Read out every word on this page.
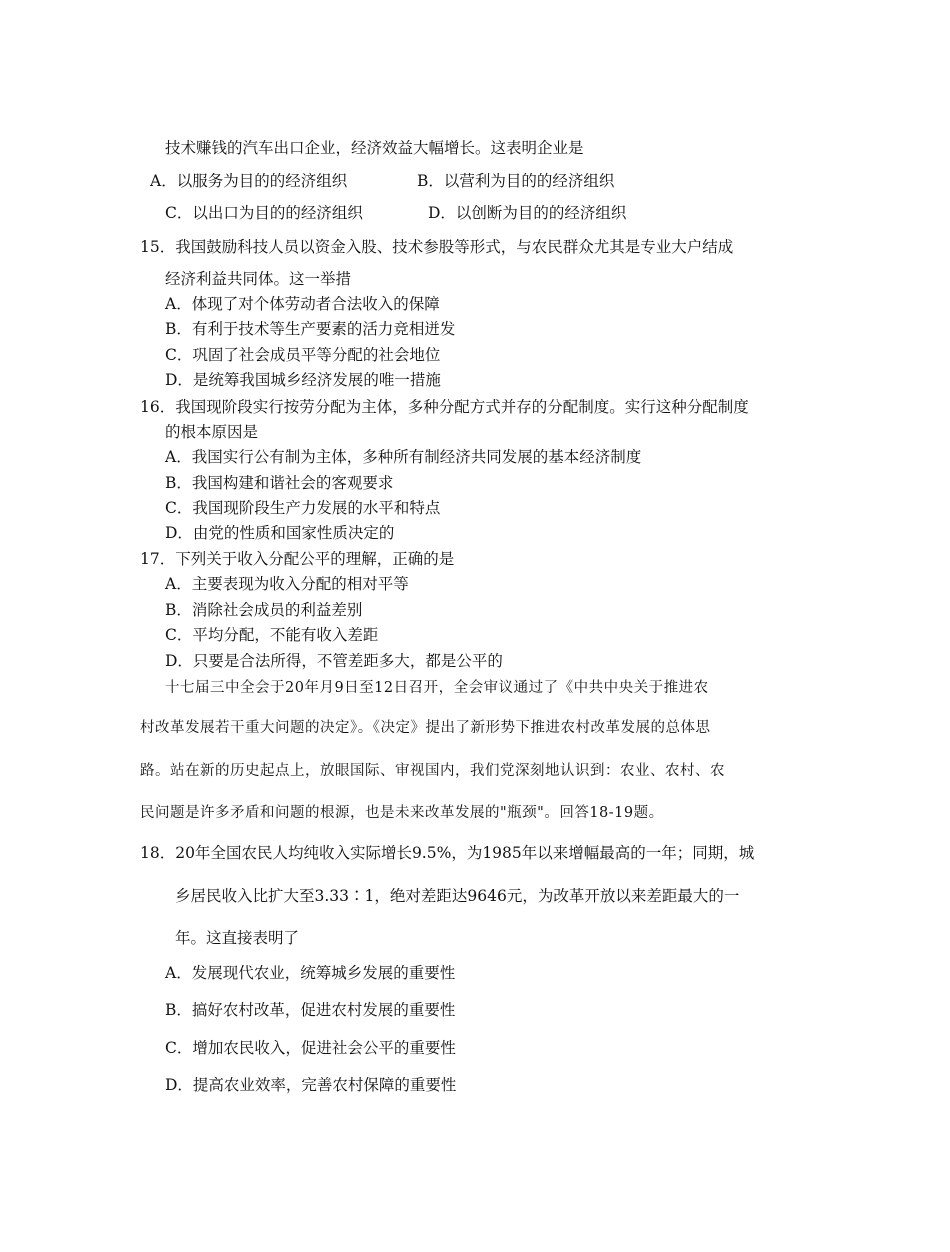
技术赚钱的汽车出口企业，经济效益大幅增长。这表明企业是
A．以服务为目的的经济组织	B．以营利为目的的经济组织
C．以出口为目的的经济组织	D．以创断为目的的经济组织
15．我国鼓励科技人员以资金入股、技术参股等形式，与农民群众尤其是专业大户结成
经济利益共同体。这一举措
A．体现了对个体劳动者合法收入的保障
B．有利于技术等生产要素的活力竞相迸发
C．巩固了社会成员平等分配的社会地位
D．是统筹我国城乡经济发展的唯一措施
16．我国现阶段实行按劳分配为主体，多种分配方式并存的分配制度。实行这种分配制度
的根本原因是
A．我国实行公有制为主体，多种所有制经济共同发展的基本经济制度
B．我国构建和谐社会的客观要求
C．我国现阶段生产力发展的水平和特点
D．由党的性质和国家性质决定的
17．下列关于收入分配公平的理解，正确的是
A．主要表现为收入分配的相对平等
B．消除社会成员的利益差别
C．平均分配，不能有收入差距
D．只要是合法所得，不管差距多大，都是公平的
十七届三中全会于20年月9日至12日召开，全会审议通过了《中共中央关于推进农
村改革发展若干重大问题的决定》。《决定》提出了新形势下推进农村改革发展的总体思
路。站在新的历史起点上，放眼国际、审视国内，我们党深刻地认识到：农业、农村、农
民问题是许多矛盾和问题的根源，也是未来改革发展的"瓶颈"。回答18-19题。
18．20年全国农民人均纯收入实际增长9.5%，为1985年以来增幅最高的一年；同期，城
乡居民收入比扩大至3.33∶1，绝对差距达9646元，为改革开放以来差距最大的一
年。这直接表明了
A．发展现代农业，统筹城乡发展的重要性
B．搞好农村改革，促进农村发展的重要性
C．增加农民收入，促进社会公平的重要性
D．提高农业效率，完善农村保障的重要性
